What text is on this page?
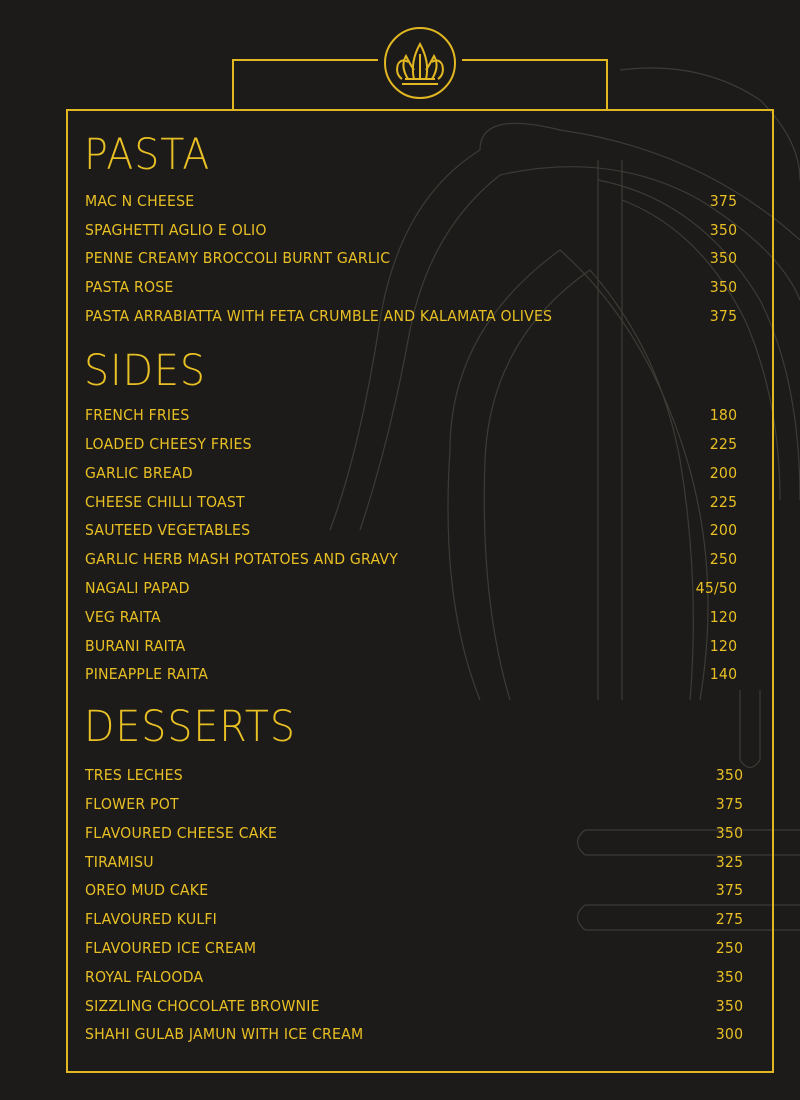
PASTA
MAC N CHEESE	375
SPAGHETTI AGLIO E OLIO	350
PENNE CREAMY BROCCOLI BURNT GARLIC	350
PASTA ROSE	350
PASTA ARRABIATTA WITH FETA CRUMBLE AND KALAMATA OLIVES	375
SIDES
FRENCH FRIES	180
LOADED CHEESY FRIES	225
GARLIC BREAD	200
CHEESE CHILLI TOAST	225
SAUTEED VEGETABLES	200
GARLIC HERB MASH POTATOES AND GRAVY	250
NAGALI PAPAD	45/50
VEG RAITA	120
BURANI RAITA	120
PINEAPPLE RAITA	140
DESSERTS
TRES LECHES	350
FLOWER POT	375
FLAVOURED CHEESE CAKE	350
TIRAMISU	325
OREO MUD CAKE	375
FLAVOURED KULFI	275
FLAVOURED ICE CREAM	250
ROYAL FALOODA	350
SIZZLING CHOCOLATE BROWNIE	350
SHAHI GULAB JAMUN WITH ICE CREAM	300
